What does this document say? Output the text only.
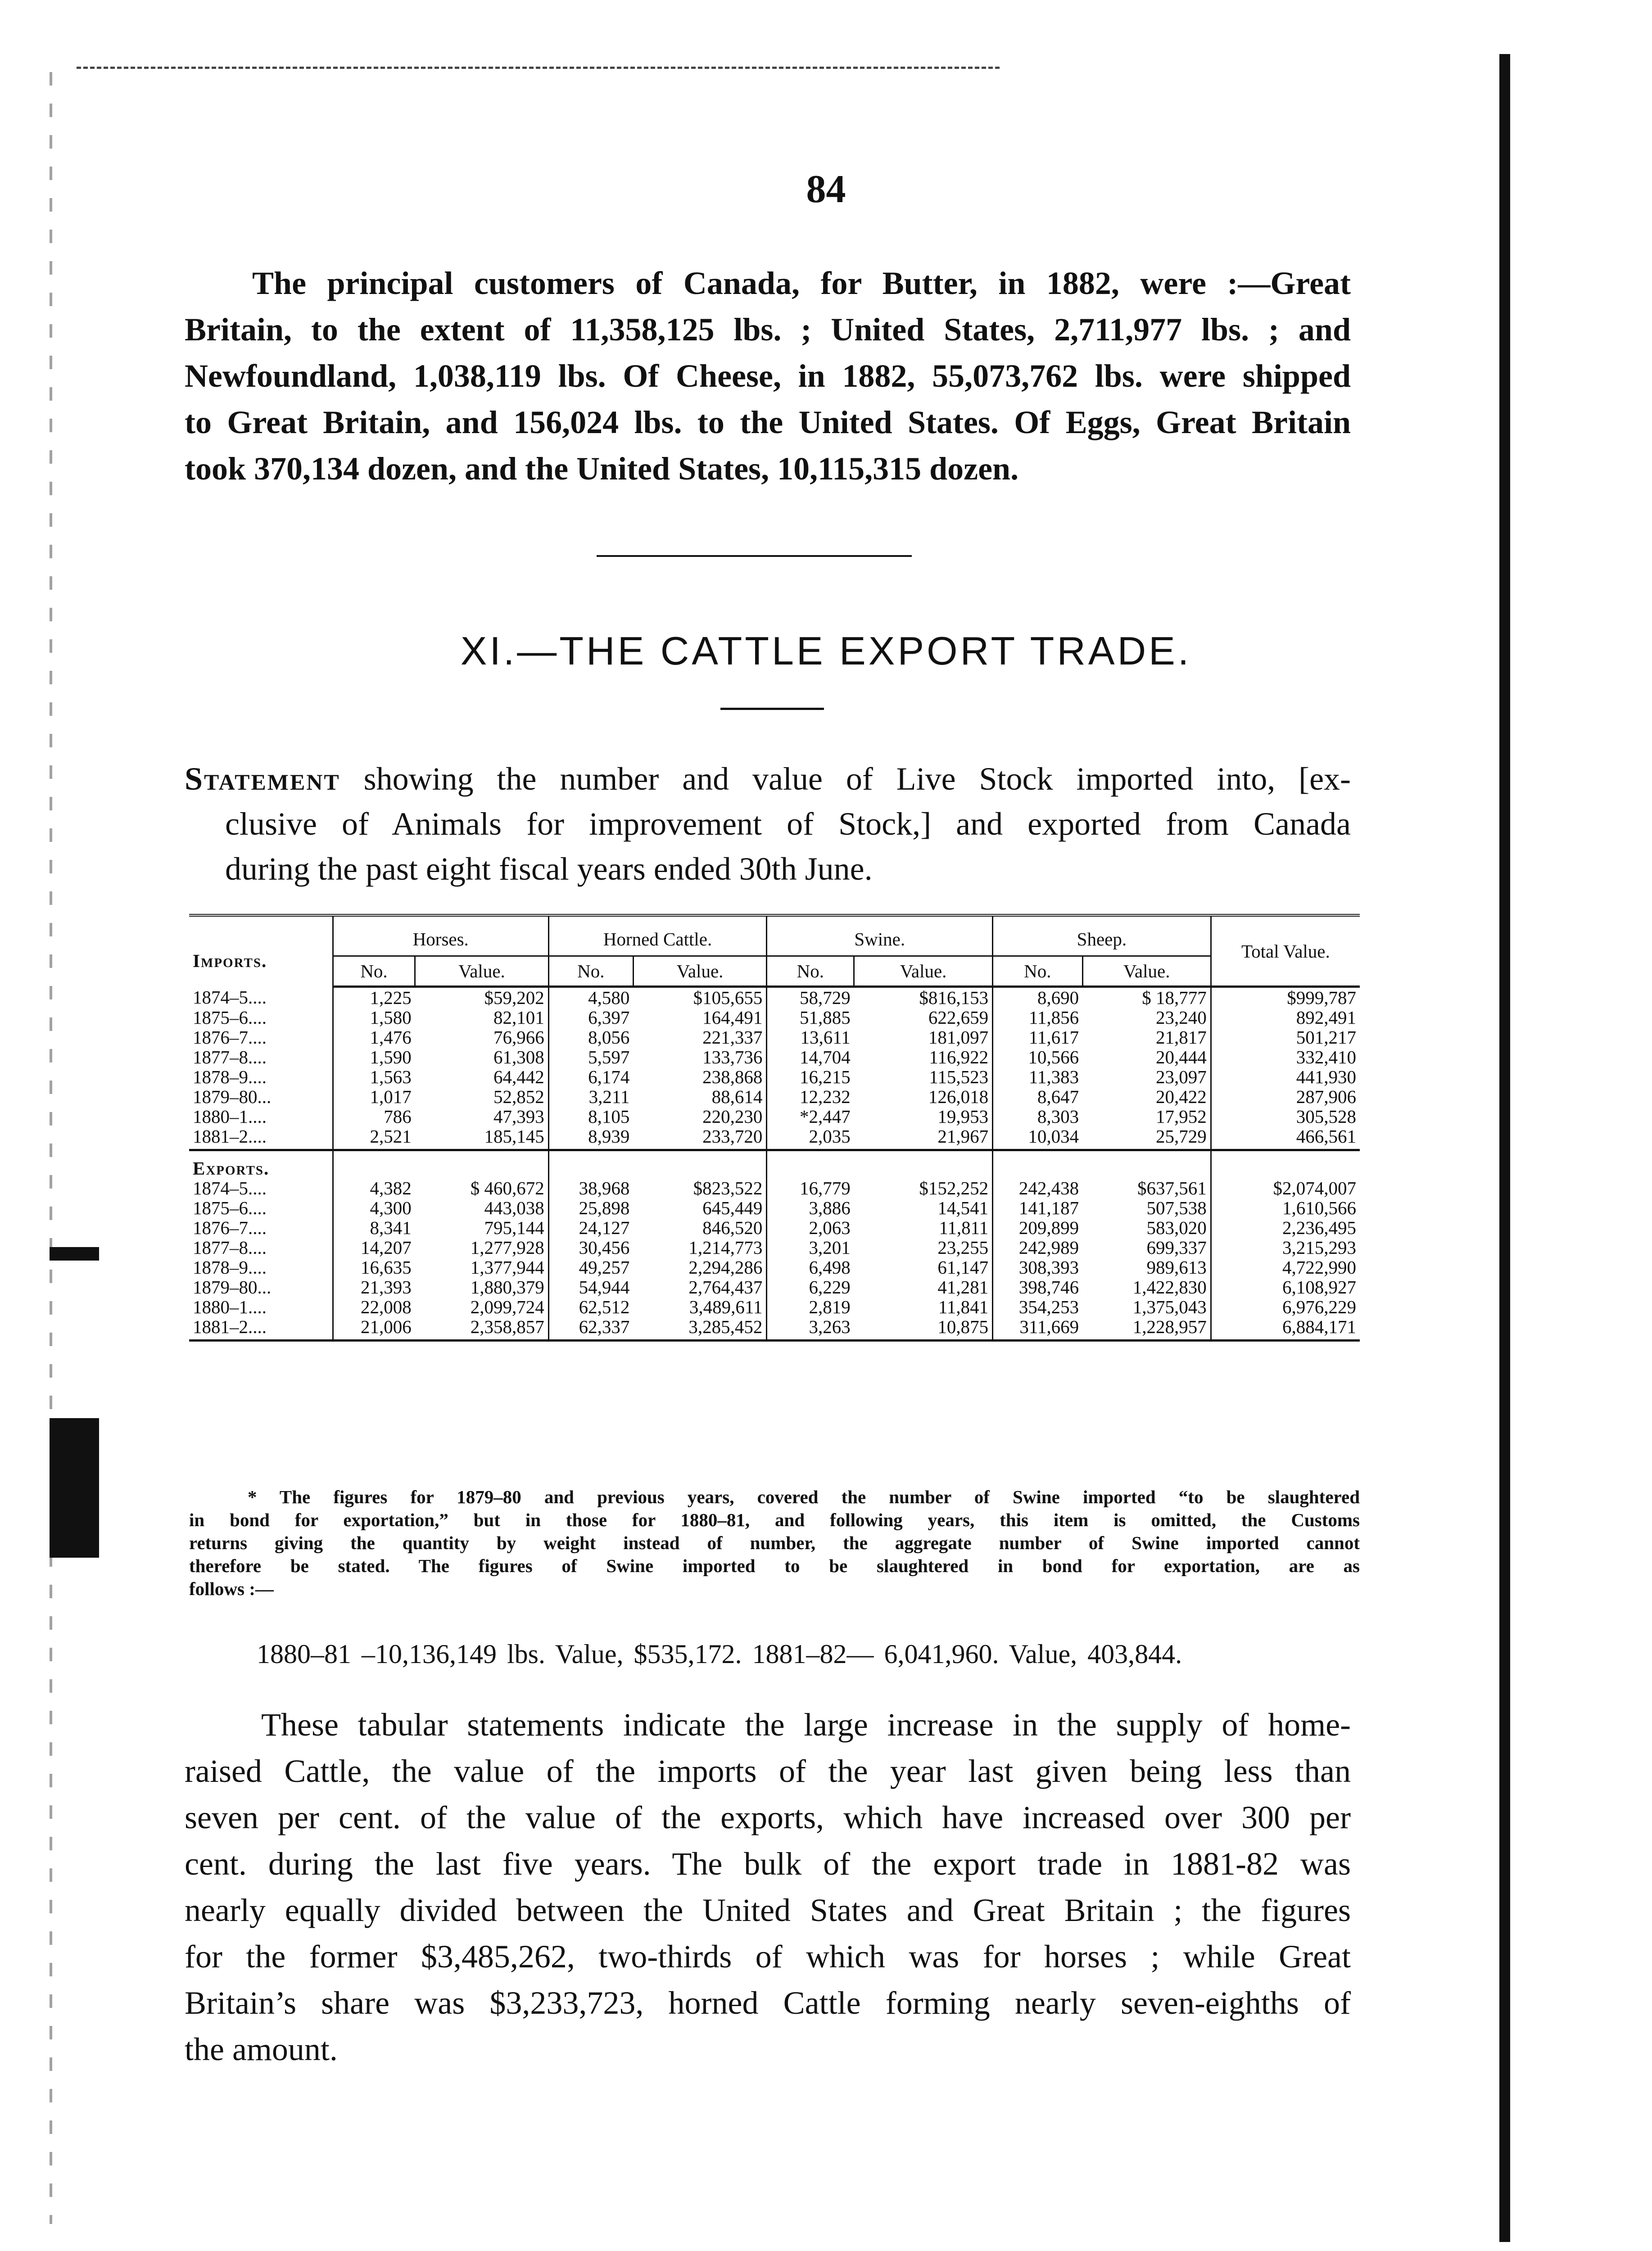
84
The principal customers of Canada, for Butter, in 1882, were :—Great
Britain, to the extent of 11,358,125 lbs. ; United States, 2,711,977 lbs. ; and
Newfoundland, 1,038,119 lbs. Of Cheese, in 1882, 55,073,762 lbs. were shipped
to Great Britain, and 156,024 lbs. to the United States. Of Eggs, Great Britain
took 370,134 dozen, and the United States, 10,115,315 dozen.
XI.—THE CATTLE EXPORT TRADE.
Statement showing the number and value of Live Stock imported into, [ex-
clusive of Animals for improvement of Stock,] and exported from Canada
during the past eight fiscal years ended 30th June.
Imports.	Horses.		Horned Cattle.		Swine.		Sheep.		Total Value.
	No.	Value.	No.	Value.	No.	Value.	No.	Value.	
1874–5....	1,225	$59,202	4,580	$105,655	58,729	$816,153	8,690	$ 18,777	$999,787
1875–6....	1,580	82,101	6,397	164,491	51,885	622,659	11,856	23,240	892,491
1876–7....	1,476	76,966	8,056	221,337	13,611	181,097	11,617	21,817	501,217
1877–8....	1,590	61,308	5,597	133,736	14,704	116,922	10,566	20,444	332,410
1878–9....	1,563	64,442	6,174	238,868	16,215	115,523	11,383	23,097	441,930
1879–80...	1,017	52,852	3,211	88,614	12,232	126,018	8,647	20,422	287,906
1880–1....	786	47,393	8,105	220,230	*2,447	19,953	8,303	17,952	305,528
1881–2....	2,521	185,145	8,939	233,720	2,035	21,967	10,034	25,729	466,561
Exports.									
1874–5....	4,382	$ 460,672	38,968	$823,522	16,779	$152,252	242,438	$637,561	$2,074,007
1875–6....	4,300	443,038	25,898	645,449	3,886	14,541	141,187	507,538	1,610,566
1876–7....	8,341	795,144	24,127	846,520	2,063	11,811	209,899	583,020	2,236,495
1877–8....	14,207	1,277,928	30,456	1,214,773	3,201	23,255	242,989	699,337	3,215,293
1878–9....	16,635	1,377,944	49,257	2,294,286	6,498	61,147	308,393	989,613	4,722,990
1879–80...	21,393	1,880,379	54,944	2,764,437	6,229	41,281	398,746	1,422,830	6,108,927
1880–1....	22,008	2,099,724	62,512	3,489,611	2,819	11,841	354,253	1,375,043	6,976,229
1881–2....	21,006	2,358,857	62,337	3,285,452	3,263	10,875	311,669	1,228,957	6,884,171
* The figures for 1879–80 and previous years, covered the number of Swine imported “to be slaughtered
in bond for exportation,” but in those for 1880–81, and following years, this item is omitted, the Customs
returns giving the quantity by weight instead of number, the aggregate number of Swine imported cannot
therefore be stated. The figures of Swine imported to be slaughtered in bond for exportation, are as
follows :—
1880–81 –10,136,149 lbs. Value, $535,172. 1881–82— 6,041,960. Value, 403,844.
These tabular statements indicate the large increase in the supply of home-
raised Cattle, the value of the imports of the year last given being less than
seven per cent. of the value of the exports, which have increased over 300 per
cent. during the last five years. The bulk of the export trade in 1881-82 was
nearly equally divided between the United States and Great Britain ; the figures
for the former $3,485,262, two-thirds of which was for horses ; while Great
Britain’s share was $3,233,723, horned Cattle forming nearly seven-eighths of
the amount.
